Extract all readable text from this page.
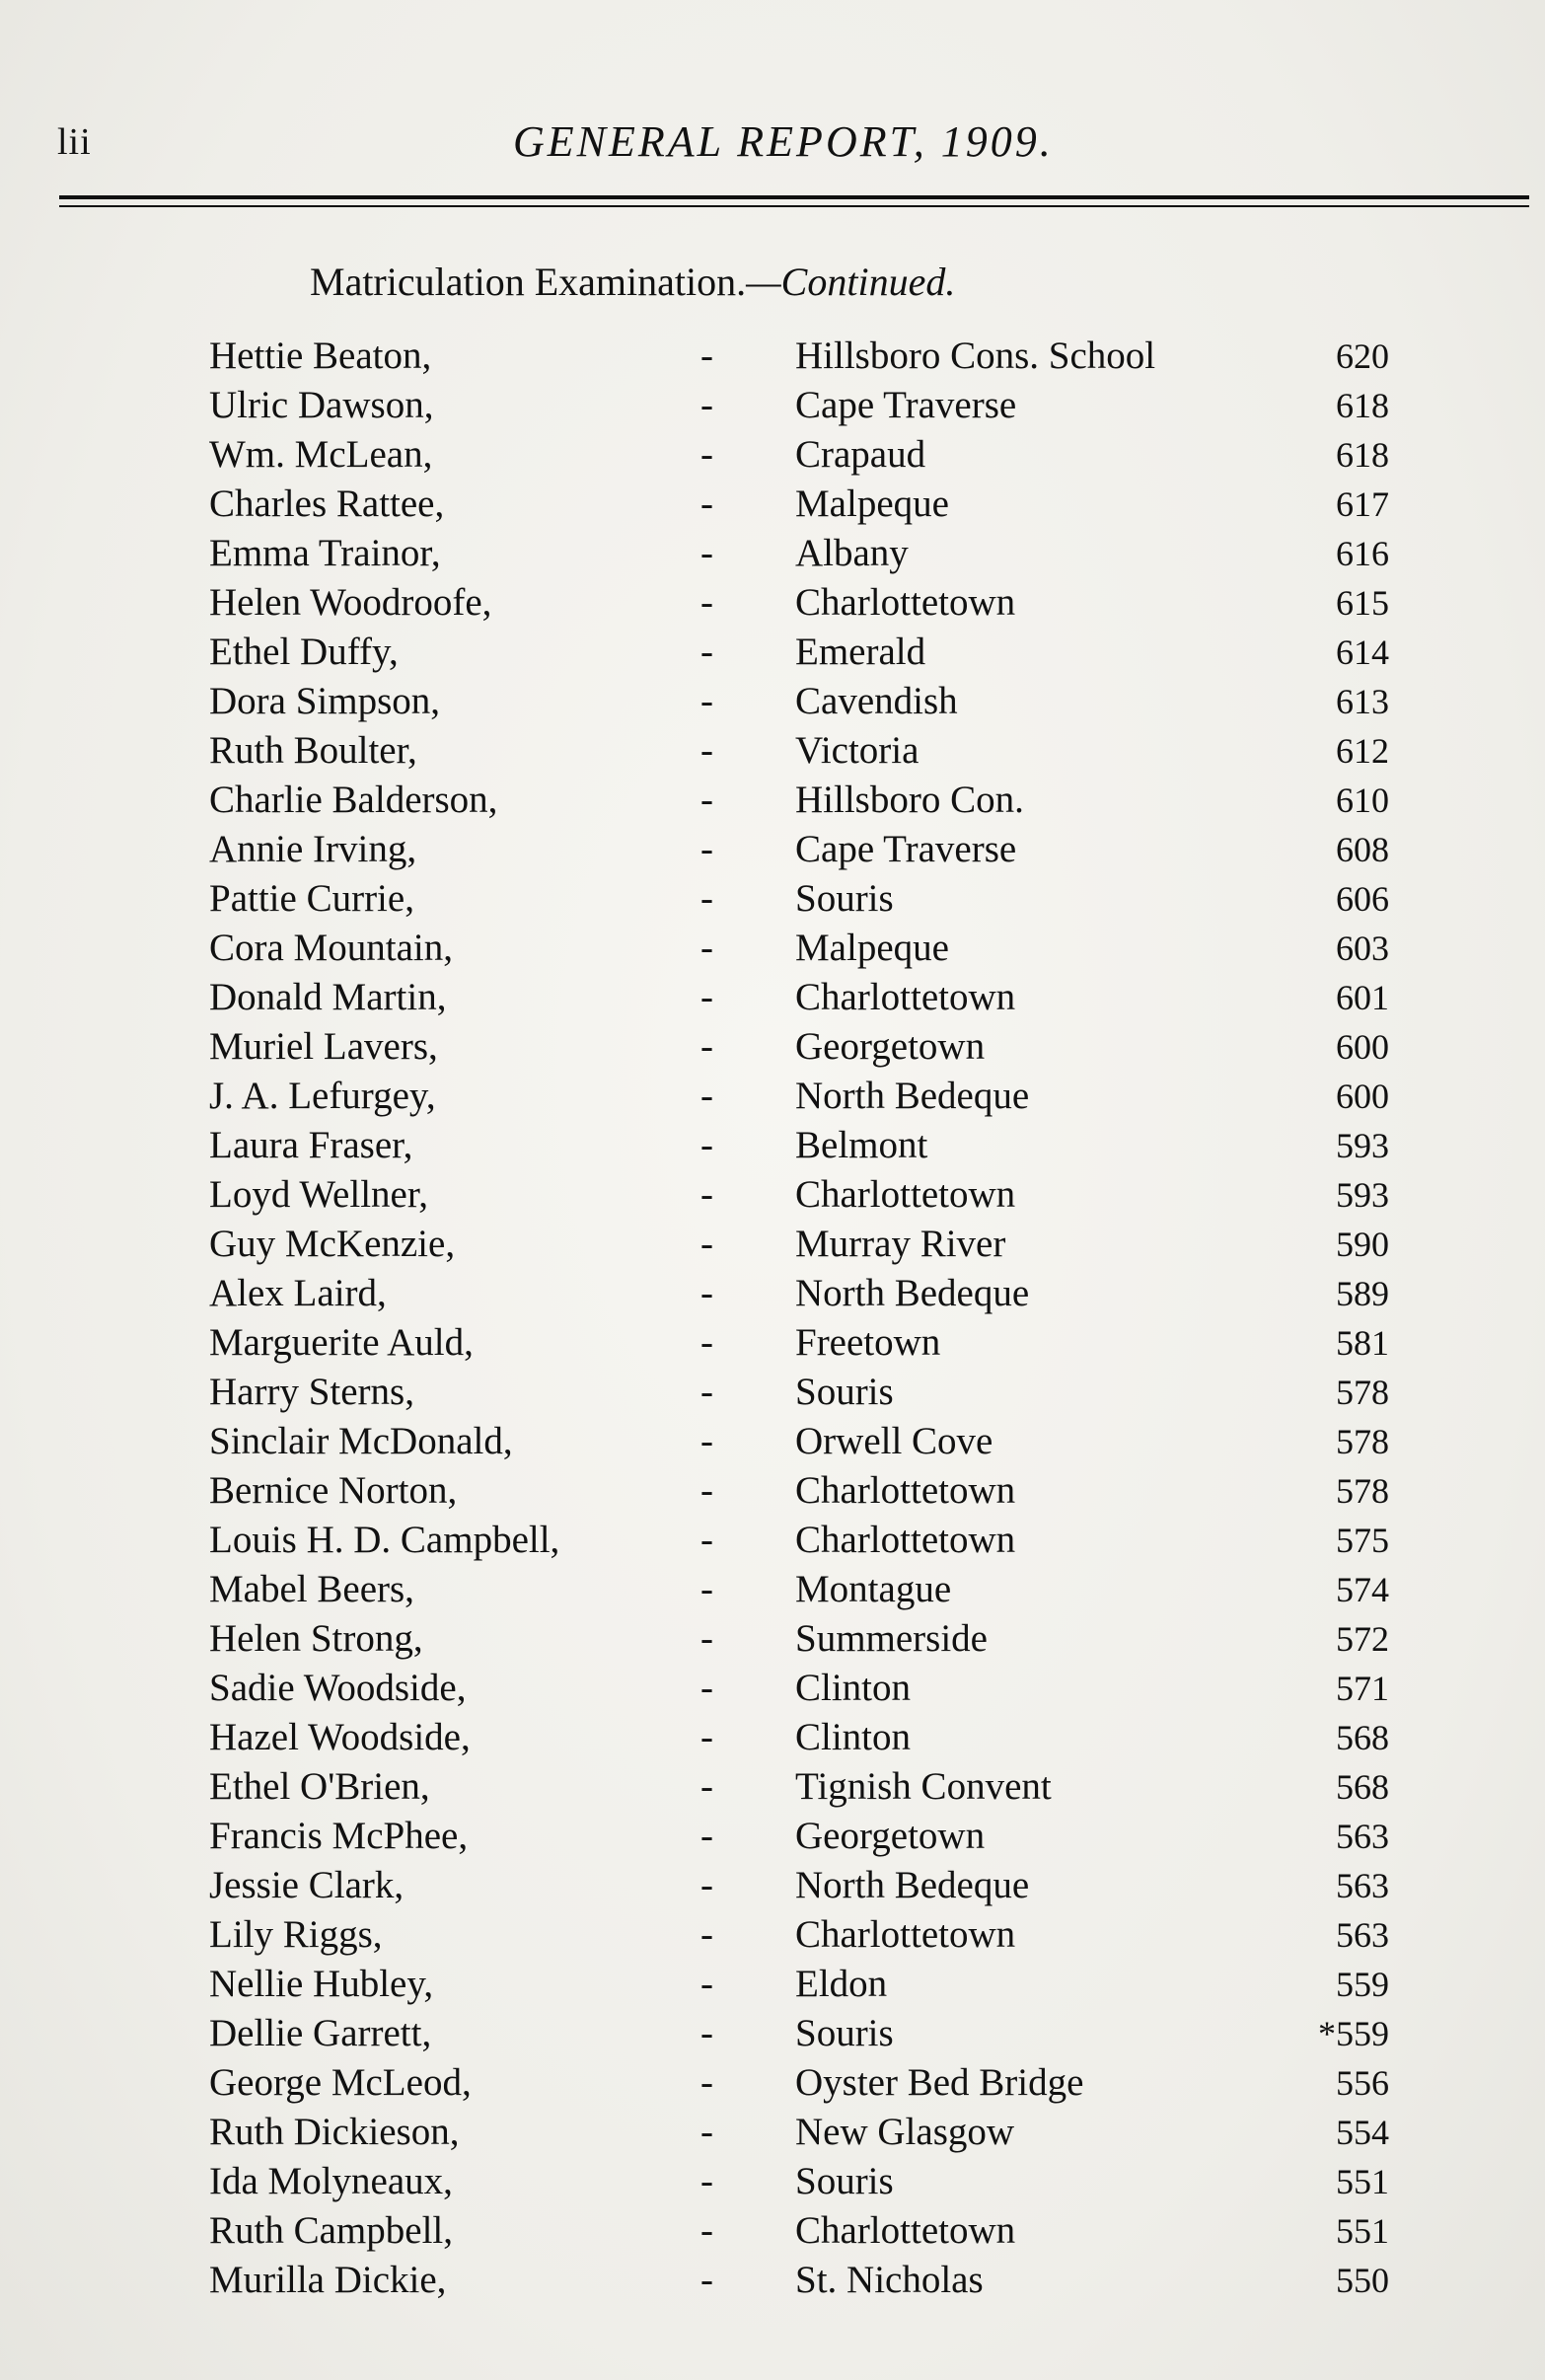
lii	GENERAL REPORT, 1909.
Matriculation Examination.—Continued.
Hettie Beaton,	- Hillsboro Cons. School	620
Ulric Dawson,	- Cape Traverse	618
Wm. McLean,	- Crapaud	618
Charles Rattee,	- Malpeque	617
Emma Trainor,	- Albany	616
Helen Woodroofe,	- Charlottetown	615
Ethel Duffy,	- Emerald	614
Dora Simpson,	- Cavendish	613
Ruth Boulter,	- Victoria	612
Charlie Balderson,	- Hillsboro Con.	610
Annie Irving,	- Cape Traverse	608
Pattie Currie,	- Souris	606
Cora Mountain,	- Malpeque	603
Donald Martin,	- Charlottetown	601
Muriel Lavers,	- Georgetown	600
J. A. Lefurgey,	- North Bedeque	600
Laura Fraser,	- Belmont	593
Loyd Wellner,	- Charlottetown	593
Guy McKenzie,	- Murray River	590
Alex Laird,	- North Bedeque	589
Marguerite Auld,	- Freetown	581
Harry Sterns,	- Souris	578
Sinclair McDonald,	- Orwell Cove	578
Bernice Norton,	- Charlottetown	578
Louis H. D. Campbell,	- Charlottetown	575
Mabel Beers,	- Montague	574
Helen Strong,	- Summerside	572
Sadie Woodside,	- Clinton	571
Hazel Woodside,	- Clinton	568
Ethel O'Brien,	- Tignish Convent	568
Francis McPhee,	- Georgetown	563
Jessie Clark,	- North Bedeque	563
Lily Riggs,	- Charlottetown	563
Nellie Hubley,	- Eldon	559
Dellie Garrett,	- Souris	*559
George McLeod,	- Oyster Bed Bridge	556
Ruth Dickieson,	- New Glasgow	554
Ida Molyneaux,	- Souris	551
Ruth Campbell,	- Charlottetown	551
Murilla Dickie,	- St. Nicholas	550
